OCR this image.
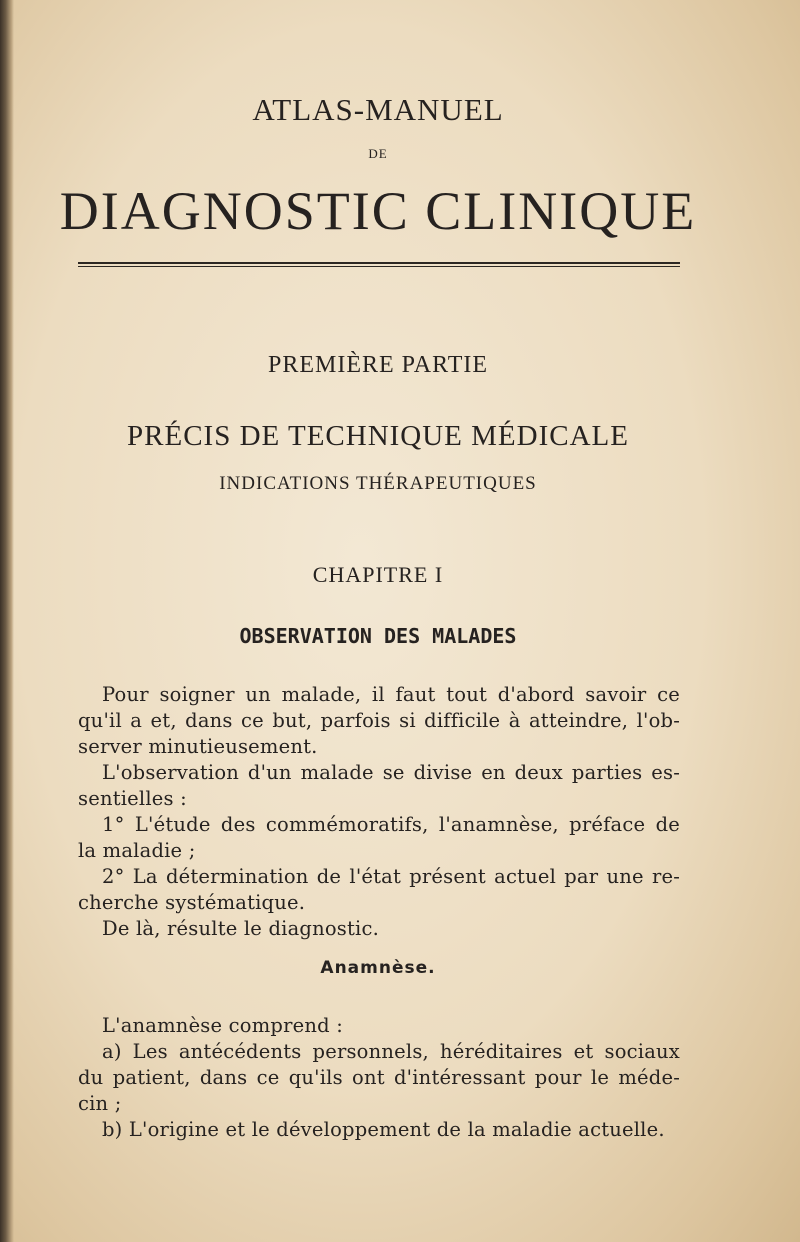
ATLAS-MANUEL
DE
DIAGNOSTIC CLINIQUE
PREMIÈRE PARTIE
PRÉCIS DE TECHNIQUE MÉDICALE
INDICATIONS THÉRAPEUTIQUES
CHAPITRE I
OBSERVATION DES MALADES
Pour soigner un malade, il faut tout d'abord savoir ce
qu'il a et, dans ce but, parfois si difficile à atteindre, l'ob-
server minutieusement.
L'observation d'un malade se divise en deux parties es-
sentielles :
1° L'étude des commémoratifs, l'anamnèse, préface de
la maladie ;
2° La détermination de l'état présent actuel par une re-
cherche systématique.
De là, résulte le diagnostic.
Anamnèse.
L'anamnèse comprend :
a) Les antécédents personnels, héréditaires et sociaux
du patient, dans ce qu'ils ont d'intéressant pour le méde-
cin ;
b) L'origine et le développement de la maladie actuelle.
